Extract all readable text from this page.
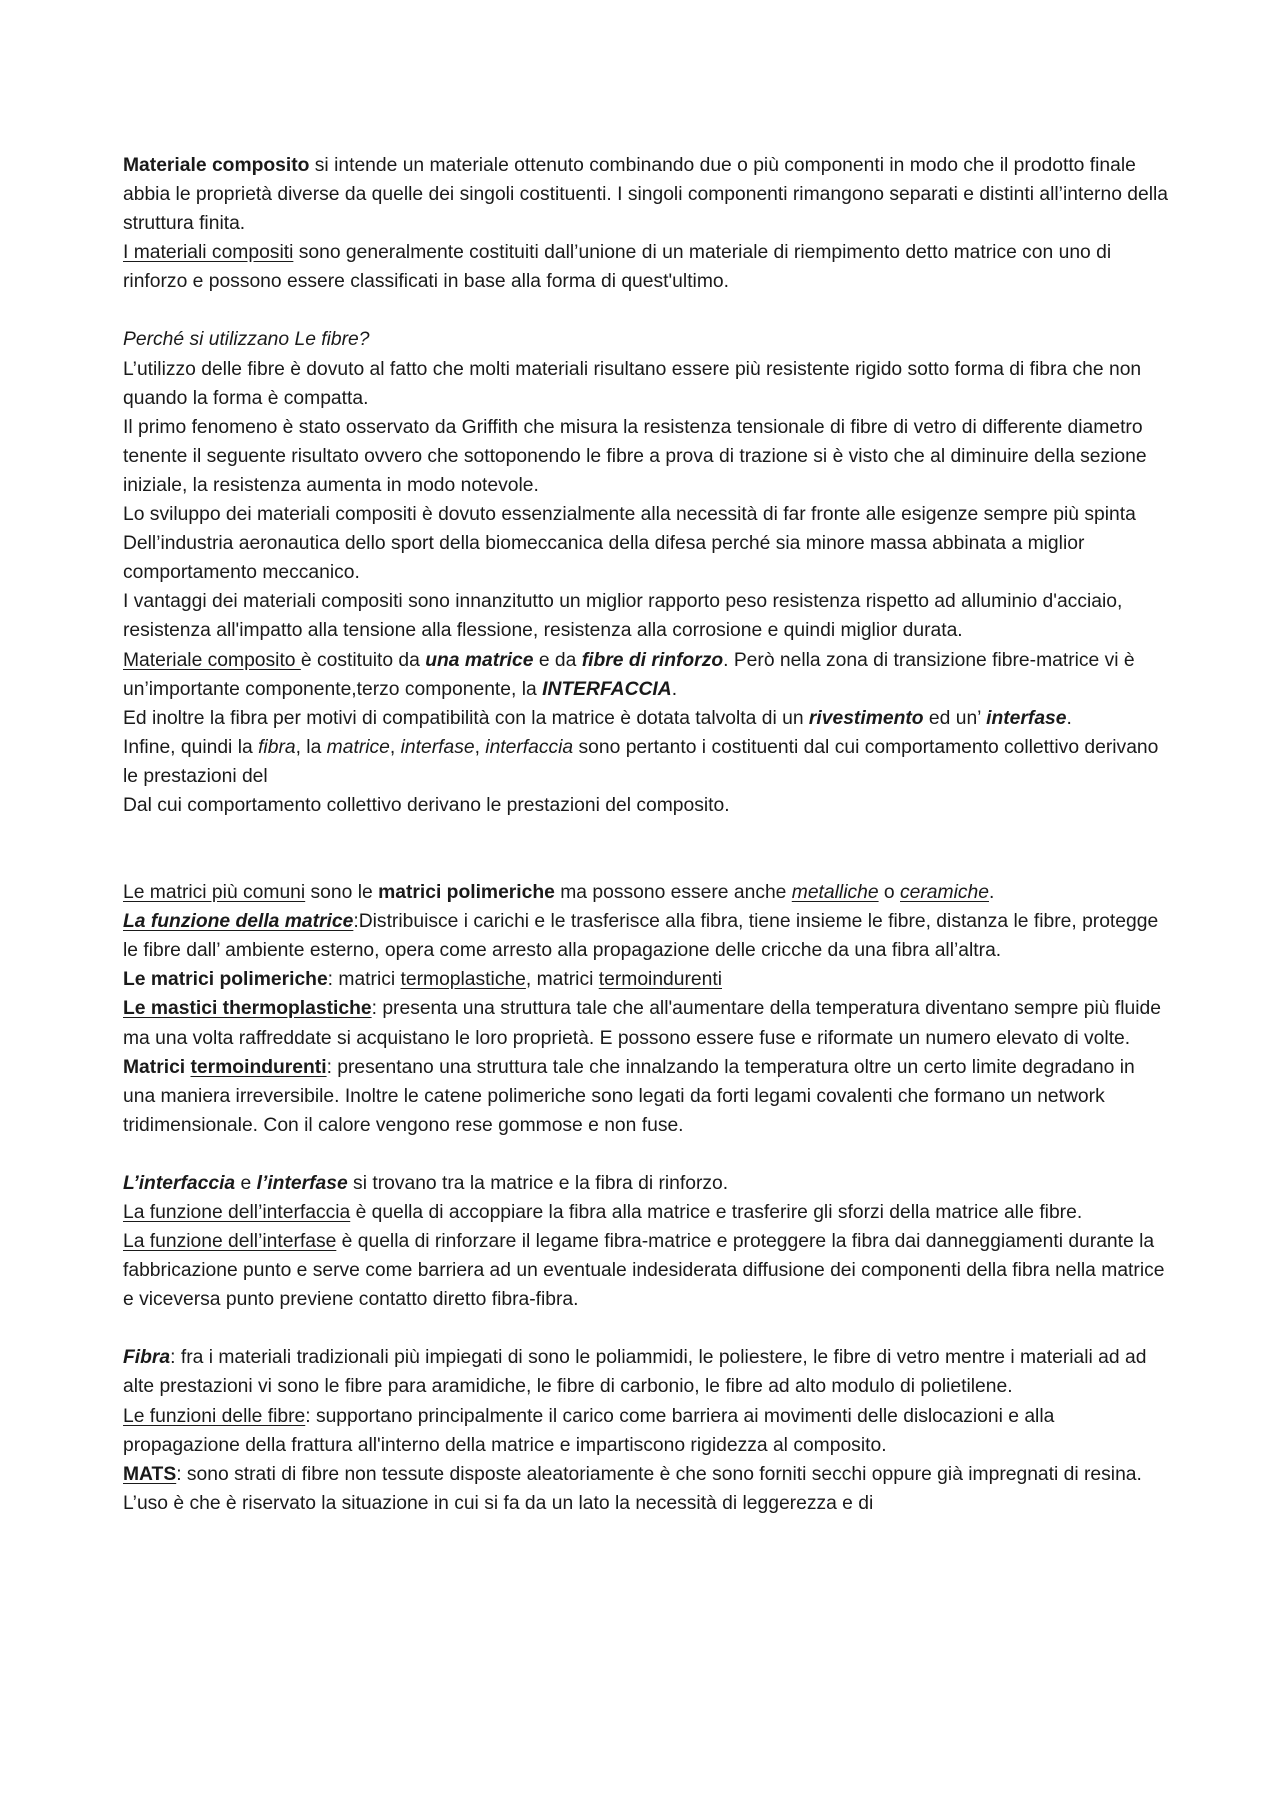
Materiale composito si intende un materiale ottenuto combinando due o più componenti in modo che il prodotto finale abbia le proprietà diverse da quelle dei singoli costituenti. I singoli componenti rimangono separati e distinti all’interno della struttura finita.
I materiali compositi sono generalmente costituiti dall’unione di un materiale di riempimento detto matrice con uno di rinforzo e possono essere classificati in base alla forma di quest'ultimo.

Perché si utilizzano Le fibre?
L’utilizzo delle fibre è dovuto al fatto che molti materiali risultano essere più resistente rigido sotto forma di fibra che non quando la forma è compatta.
Il primo fenomeno è stato osservato da Griffith che misura la resistenza tensionale di fibre di vetro di differente diametro tenente il seguente risultato ovvero che sottoponendo le fibre a prova di trazione si è visto che al diminuire della sezione iniziale, la resistenza aumenta in modo notevole.
Lo sviluppo dei materiali compositi è dovuto essenzialmente alla necessità di far fronte alle esigenze sempre più spinta Dell’industria aeronautica dello sport della biomeccanica della difesa perché sia minore massa abbinata a miglior comportamento meccanico.
I vantaggi dei materiali compositi sono innanzitutto un miglior rapporto peso resistenza rispetto ad alluminio d'acciaio, resistenza all'impatto alla tensione alla flessione, resistenza alla corrosione e quindi miglior durata.
Materiale composito è costituito da una matrice e da fibre di rinforzo. Però nella zona di transizione fibre-matrice vi è un’importante componente,terzo componente, la INTERFACCIA.
Ed inoltre la fibra per motivi di compatibilità con la matrice è dotata talvolta di un rivestimento ed un’ interfase.
Infine, quindi la fibra, la matrice, interfase, interfaccia sono pertanto i costituenti dal cui comportamento collettivo derivano le prestazioni del
Dal cui comportamento collettivo derivano le prestazioni del composito.

Le matrici più comuni sono le matrici polimeriche ma possono essere anche metalliche o ceramiche.
La funzione della matrice:Distribuisce i carichi e le trasferisce alla fibra, tiene insieme le fibre, distanza le fibre, protegge le fibre dall’ ambiente esterno, opera come arresto alla propagazione delle cricche da una fibra all’altra.
Le matrici polimeriche: matrici termoplastiche, matrici termoindurenti
Le mastici thermoplastiche: presenta una struttura tale che all'aumentare della temperatura diventano sempre più fluide ma una volta raffreddate si acquistano le loro proprietà. E possono essere fuse e riformate un numero elevato di volte.
Matrici termoindurenti: presentano una struttura tale che innalzando la temperatura oltre un certo limite degradano in una maniera irreversibile. Inoltre le catene polimeriche sono legati da forti legami covalenti che formano un network tridimensionale. Con il calore vengono rese gommose e non fuse.

L’interfaccia e l’interfase si trovano tra la matrice e la fibra di rinforzo.
La funzione dell’interfaccia è quella di accoppiare la fibra alla matrice e trasferire gli sforzi della matrice alle fibre.
La funzione dell’interfase è quella di rinforzare il legame fibra-matrice e proteggere la fibra dai danneggiamenti durante la fabbricazione punto e serve come barriera ad un eventuale indesiderata diffusione dei componenti della fibra nella matrice e viceversa punto previene contatto diretto fibra-fibra.

Fibra: fra i materiali tradizionali più impiegati di sono le poliammidi, le poliestere, le fibre di vetro mentre i materiali ad ad alte prestazioni vi sono le fibre para aramidiche, le fibre di carbonio, le fibre ad alto modulo di polietilene.
Le funzioni delle fibre: supportano principalmente il carico come barriera ai movimenti delle dislocazioni e alla propagazione della frattura all'interno della matrice e impartiscono rigidezza al composito.
MATS: sono strati di fibre non tessute disposte aleatoriamente è che sono forniti secchi oppure già impregnati di resina. L’uso è che è riservato la situazione in cui si fa da un lato la necessità di leggerezza e di
